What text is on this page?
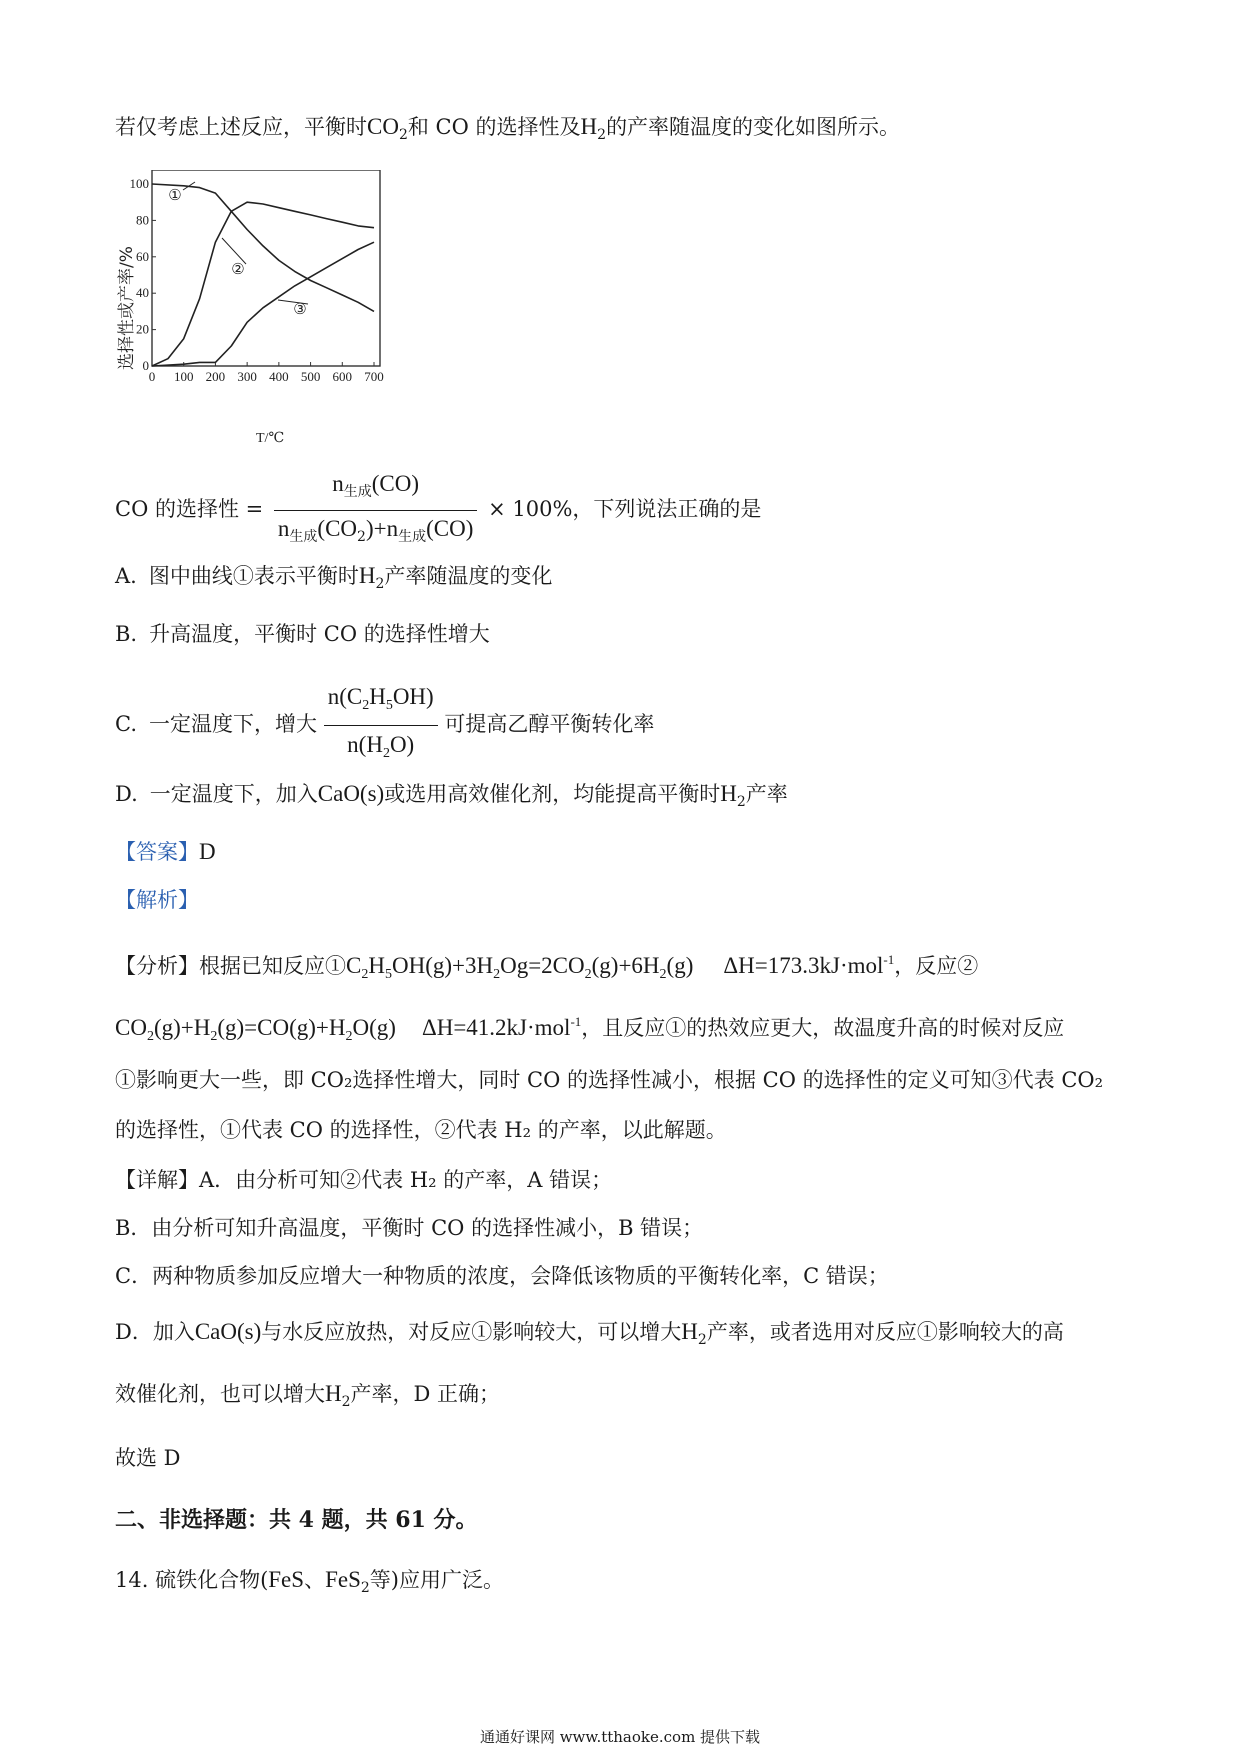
若仅考虑上述反应，平衡时$CO_2$和 CO 的选择性及$H_2$的产率随温度的变化如图所示。
0 100 200 300 400 500 600 700
0
20
40
60
80
100
①
②
③
选择性或产率/%
T/℃
CO 的选择性 = $\frac{n_{生成}(CO)}{n_{生成}(CO_2)+n_{生成}(CO)} \times 100\%$，下列说法正确的是
A. 图中曲线①表示平衡时$H_2$产率随温度的变化
B. 升高温度，平衡时 CO 的选择性增大
C. 一定温度下，增大 $\frac{n(C_2H_5OH)}{n(H_2O)}$ 可提高乙醇平衡转化率
D. 一定温度下，加入CaO(s)或选用高效催化剂，均能提高平衡时$H_2$产率
【答案】D
【解析】
【分析】根据已知反应$①C_2H_5OH(g)+3H_2Og=2CO_2(g)+6H_2(g)$ ΔH=173.3kJ·mol$^{-1}$，反应②
$CO_2(g)+H_2(g)=CO(g)+H_2O(g)$ ΔH=41.2kJ·mol$^{-1}$，且反应①的热效应更大，故温度升高的时候对反应
①影响更大一些，即 CO₂选择性增大，同时 CO 的选择性减小，根据 CO 的选择性的定义可知③代表 CO₂
的选择性，①代表 CO 的选择性，②代表 H₂ 的产率，以此解题。
【详解】A．由分析可知②代表 H₂ 的产率，A 错误；
B．由分析可知升高温度，平衡时 CO 的选择性减小，B 错误；
C．两种物质参加反应增大一种物质的浓度，会降低该物质的平衡转化率，C 错误；
D．加入CaO(s)与水反应放热，对反应①影响较大，可以增大$H_2$产率，或者选用对反应①影响较大的高
效催化剂，也可以增大$H_2$产率，D 正确；
故选 D
二、非选择题：共 4 题，共 61 分。
14. 硫铁化合物(FeS、FeS$_2$等)应用广泛。
通通好课网 www.tthaoke.com 提供下载
